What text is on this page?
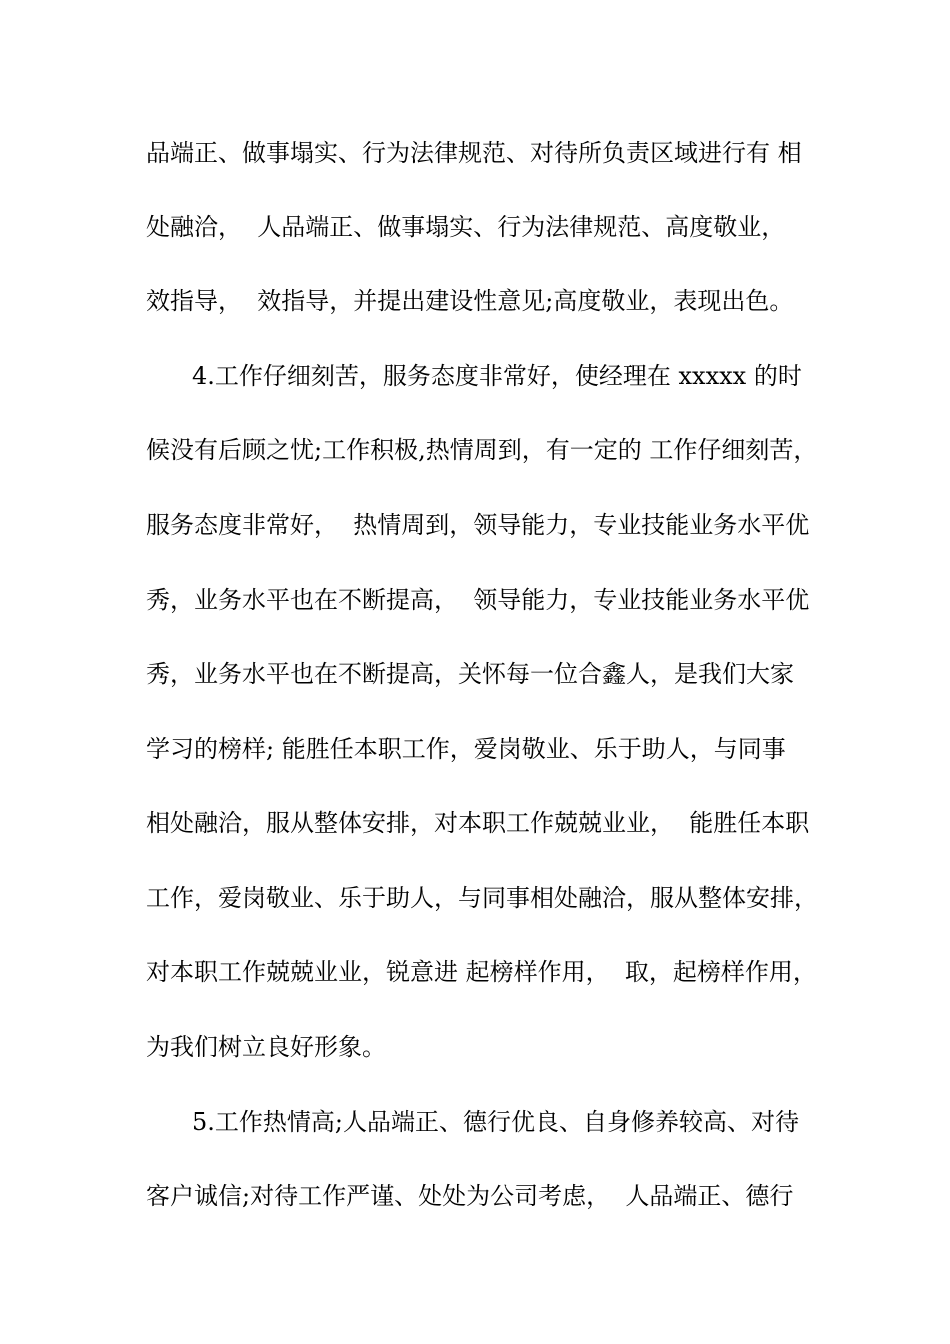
品端正、做事塌实、行为法律规范、对待所负责区域进行有 相
处融洽，  人品端正、做事塌实、行为法律规范、高度敬业，
效指导，  效指导，并提出建设性意见;高度敬业，表现出色。
4.工作仔细刻苦，服务态度非常好，使经理在 xxxxx 的时
候没有后顾之忧;工作积极,热情周到，有一定的 工作仔细刻苦，
服务态度非常好，  热情周到，领导能力，专业技能业务水平优
秀，业务水平也在不断提高，  领导能力，专业技能业务水平优
秀，业务水平也在不断提高，关怀每一位合鑫人，是我们大家
学习的榜样; 能胜任本职工作，爱岗敬业、乐于助人，与同事
相处融洽，服从整体安排，对本职工作兢兢业业，  能胜任本职
工作，爱岗敬业、乐于助人，与同事相处融洽，服从整体安排，
对本职工作兢兢业业，锐意进 起榜样作用，  取，起榜样作用，
为我们树立良好形象。
5.工作热情高;人品端正、德行优良、自身修养较高、对待
客户诚信;对待工作严谨、处处为公司考虑，  人品端正、德行
